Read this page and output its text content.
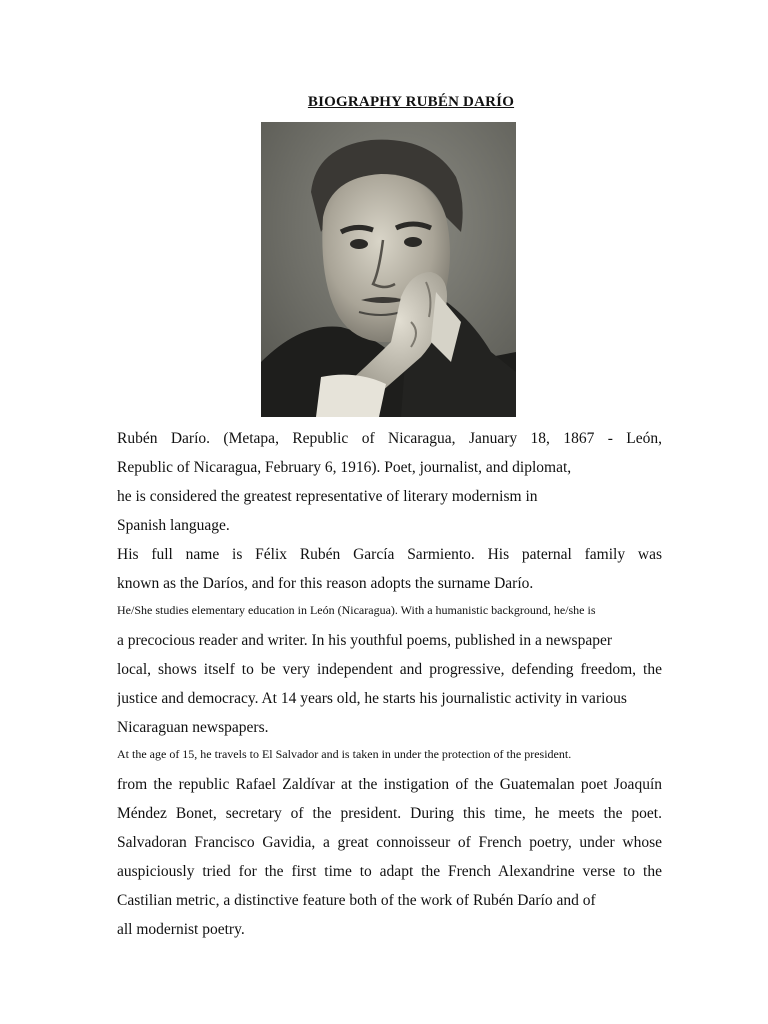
BIOGRAPHY RUBÉN DARÍO
Rubén Darío. (Metapa, Republic of Nicaragua, January 18, 1867 - León,
Republic of Nicaragua, February 6, 1916). Poet, journalist, and diplomat,
he is considered the greatest representative of literary modernism in
Spanish language.
His full name is Félix Rubén García Sarmiento. His paternal family was
known as the Daríos, and for this reason adopts the surname Darío.
He/She studies elementary education in León (Nicaragua). With a humanistic background, he/she is
a precocious reader and writer. In his youthful poems, published in a newspaper
local, shows itself to be very independent and progressive, defending freedom, the
justice and democracy. At 14 years old, he starts his journalistic activity in various
Nicaraguan newspapers.
At the age of 15, he travels to El Salvador and is taken in under the protection of the president.
from the republic Rafael Zaldívar at the instigation of the Guatemalan poet Joaquín
Méndez Bonet, secretary of the president. During this time, he meets the poet.
Salvadoran Francisco Gavidia, a great connoisseur of French poetry, under whose
auspiciously tried for the first time to adapt the French Alexandrine verse to the
Castilian metric, a distinctive feature both of the work of Rubén Darío and of
all modernist poetry.
